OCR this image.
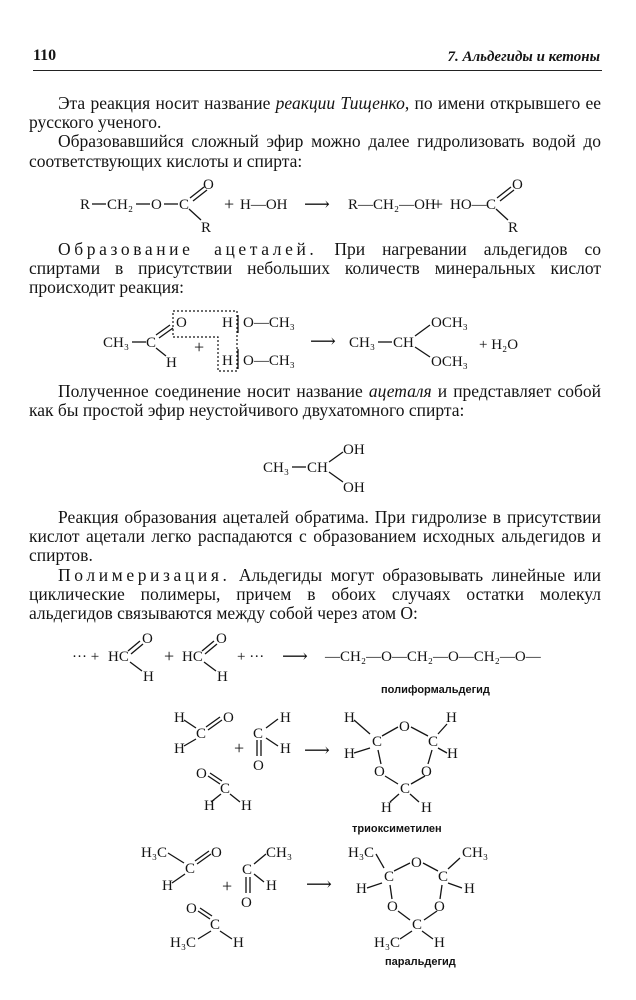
110	7. Альдегиды и кетоны
Эта реакция носит название реакции Тищенко, по имени открывшего ее русского ученого.
Образовавшийся сложный эфир можно далее гидролизовать водой до соответствующих кислоты и спирта:
R CH₂ O C
O
R
+ H—OH ⟶ R—CH₂—OH
+ HO— C
O
R
Образование ацеталей. При нагревании альдегидов со спиртами в присутствии небольших количеств минеральных кислот происходит реакция:
CH₃ C
O
H
+
H
H
O—CH₃
O—CH₃
⟶ CH₃ CH
OCH₃
OCH₃
+ H₂O
Полученное соединение носит название ацеталя и представляет собой как бы простой эфир неустойчивого двухатомного спирта:
CH₃ CH
OH
OH
Реакция образования ацеталей обратима. При гидролизе в присутствии кислот ацетали легко распадаются с образованием исходных альдегидов и спиртов.
Полимеризация. Альдегиды могут образовывать линейные или циклические полимеры, причем в обоих случаях остатки молекул альдегидов связываются между собой через атом O:
··· + HC
O
H
+ HC
O
H
+ ··· ⟶ —CH₂—O—CH₂—O—CH₂—O—
полиформальдегид
H
C
O
H	+
H
C
O
H
O
C
H H
⟶
H
H
C
O
C
H
H
O O
C
H H
триоксиметилен
H₃C
C
O
H	+
CH₃
C
O
H
O
C
H₃C H
⟶
H₃C
H
C
O
C
CH₃
H
O O
C
H₃C H
паральдегид
